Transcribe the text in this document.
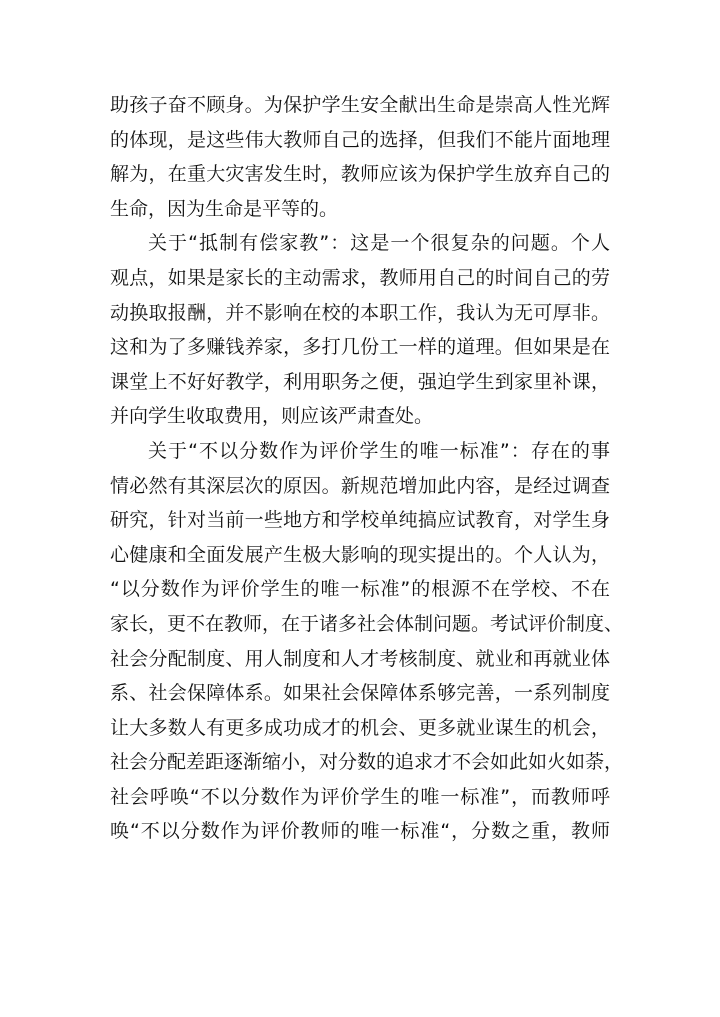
助孩子奋不顾身。为保护学生安全献出生命是崇高人性光辉
的体现，是这些伟大教师自己的选择，但我们不能片面地理
解为，在重大灾害发生时，教师应该为保护学生放弃自己的
生命，因为生命是平等的。
关于“抵制有偿家教”：这是一个很复杂的问题。个人
观点，如果是家长的主动需求，教师用自己的时间自己的劳
动换取报酬，并不影响在校的本职工作，我认为无可厚非。
这和为了多赚钱养家，多打几份工一样的道理。但如果是在
课堂上不好好教学，利用职务之便，强迫学生到家里补课，
并向学生收取费用，则应该严肃查处。
关于“不以分数作为评价学生的唯一标准”：存在的事
情必然有其深层次的原因。新规范增加此内容，是经过调查
研究，针对当前一些地方和学校单纯搞应试教育，对学生身
心健康和全面发展产生极大影响的现实提出的。个人认为，
“以分数作为评价学生的唯一标准”的根源不在学校、不在
家长，更不在教师，在于诸多社会体制问题。考试评价制度、
社会分配制度、用人制度和人才考核制度、就业和再就业体
系、社会保障体系。如果社会保障体系够完善，一系列制度
让大多数人有更多成功成才的机会、更多就业谋生的机会，
社会分配差距逐渐缩小，对分数的追求才不会如此如火如荼，
社会呼唤“不以分数作为评价学生的唯一标准”，而教师呼
唤“不以分数作为评价教师的唯一标准“，分数之重，教师
